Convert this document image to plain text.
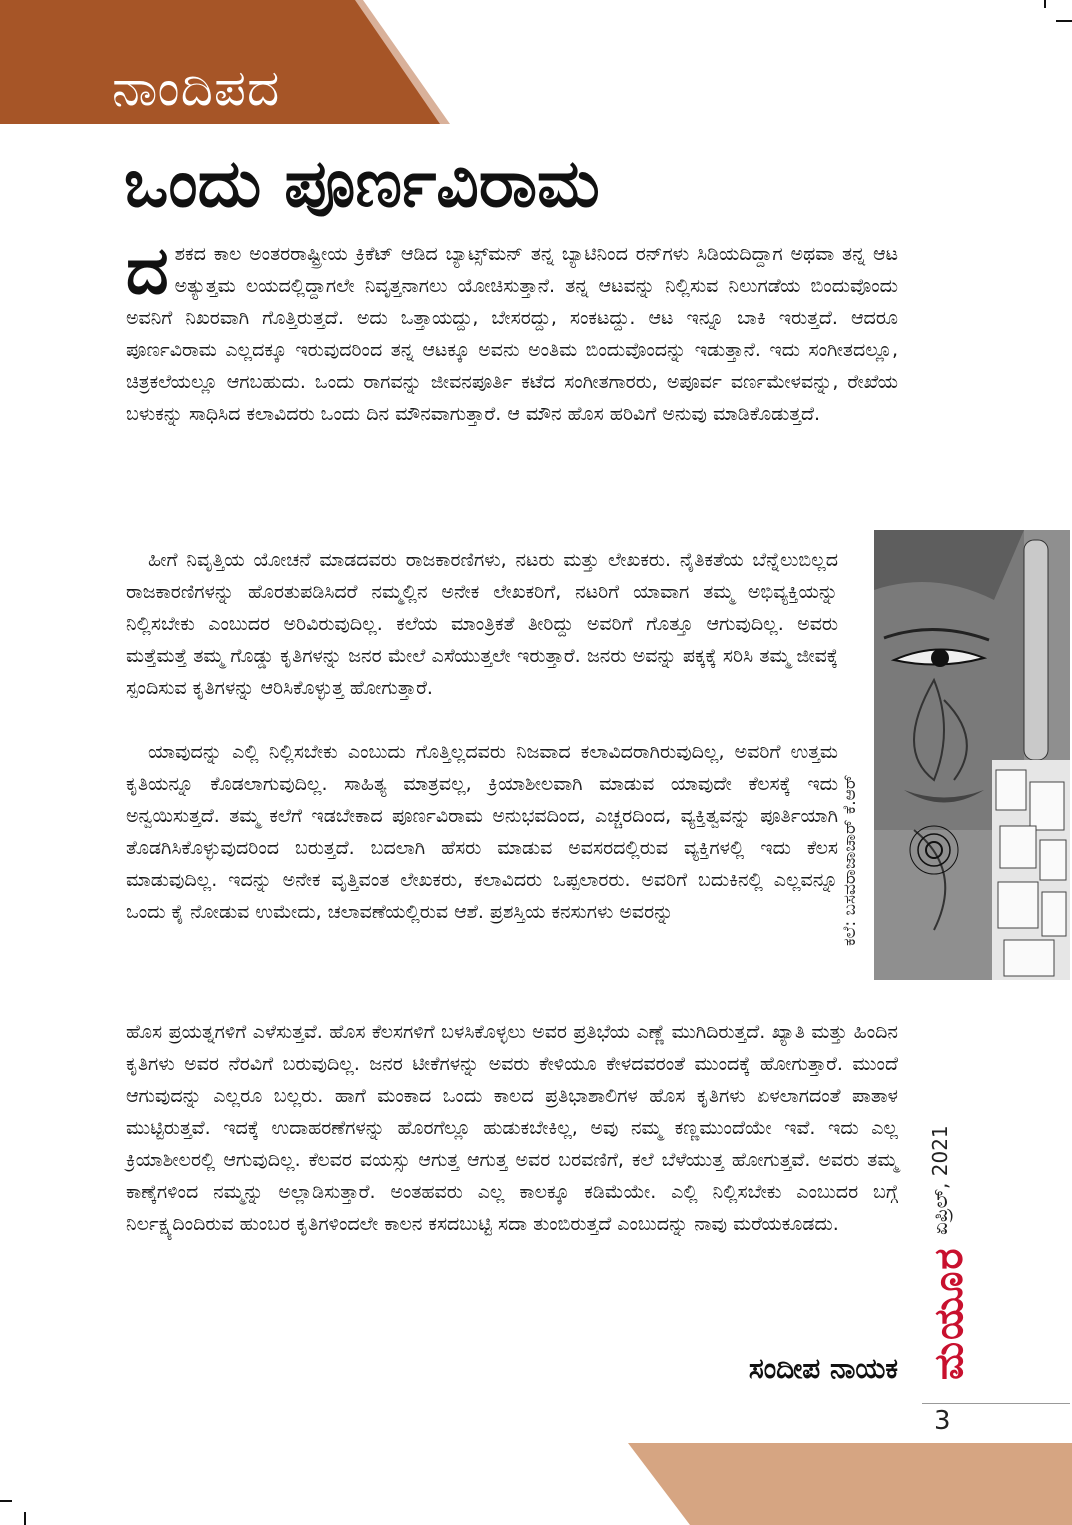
ನಾಂದಿಪದ
ಒಂದು ಪೂರ್ಣವಿರಾಮ

ದಶಕದ ಕಾಲ ಅಂತರರಾಷ್ಟ್ರೀಯ ಕ್ರಿಕೆಟ್ ಆಡಿದ ಬ್ಯಾಟ್ಸ್‌ಮನ್ ತನ್ನ ಬ್ಯಾಟಿನಿಂದ ರನ್‌ಗಳು ಸಿಡಿಯದಿದ್ದಾಗ ಅಥವಾ ತನ್ನ ಆಟ ಅತ್ಯುತ್ತಮ ಲಯದಲ್ಲಿದ್ದಾಗಲೇ ನಿವೃತ್ತನಾಗಲು ಯೋಚಿಸುತ್ತಾನೆ. ತನ್ನ ಆಟವನ್ನು ನಿಲ್ಲಿಸುವ ನಿಲುಗಡೆಯ ಬಿಂದುವೊಂದು ಅವನಿಗೆ ನಿಖರವಾಗಿ ಗೊತ್ತಿರುತ್ತದೆ. ಅದು ಒತ್ತಾಯದ್ದು, ಬೇಸರದ್ದು, ಸಂಕಟದ್ದು. ಆಟ ಇನ್ನೂ ಬಾಕಿ ಇರುತ್ತದೆ. ಆದರೂ ಪೂರ್ಣವಿರಾಮ ಎಲ್ಲದಕ್ಕೂ ಇರುವುದರಿಂದ ತನ್ನ ಆಟಕ್ಕೂ ಅವನು ಅಂತಿಮ ಬಿಂದುವೊಂದನ್ನು ಇಡುತ್ತಾನೆ. ಇದು ಸಂಗೀತದಲ್ಲೂ, ಚಿತ್ರಕಲೆಯಲ್ಲೂ ಆಗಬಹುದು. ಒಂದು ರಾಗವನ್ನು ಜೀವನಪೂರ್ತಿ ಕಟೆದ ಸಂಗೀತಗಾರರು, ಅಪೂರ್ವ ವರ್ಣಮೇಳವನ್ನು, ರೇಖೆಯ ಬಳುಕನ್ನು ಸಾಧಿಸಿದ ಕಲಾವಿದರು ಒಂದು ದಿನ ಮೌನವಾಗುತ್ತಾರೆ. ಆ ಮೌನ ಹೊಸ ಹರಿವಿಗೆ ಅನುವು ಮಾಡಿಕೊಡುತ್ತದೆ.

ಹೀಗೆ ನಿವೃತ್ತಿಯ ಯೋಚನೆ ಮಾಡದವರು ರಾಜಕಾರಣಿಗಳು, ನಟರು ಮತ್ತು ಲೇಖಕರು. ನೈತಿಕತೆಯ ಬೆನ್ನೆಲುಬಿಲ್ಲದ ರಾಜಕಾರಣಿಗಳನ್ನು ಹೊರತುಪಡಿಸಿದರೆ ನಮ್ಮಲ್ಲಿನ ಅನೇಕ ಲೇಖಕರಿಗೆ, ನಟರಿಗೆ ಯಾವಾಗ ತಮ್ಮ ಅಭಿವ್ಯಕ್ತಿಯನ್ನು ನಿಲ್ಲಿಸಬೇಕು ಎಂಬುದರ ಅರಿವಿರುವುದಿಲ್ಲ. ಕಲೆಯ ಮಾಂತ್ರಿಕತೆ ತೀರಿದ್ದು ಅವರಿಗೆ ಗೊತ್ತೂ ಆಗುವುದಿಲ್ಲ. ಅವರು ಮತ್ತೆಮತ್ತೆ ತಮ್ಮ ಗೊಡ್ಡು ಕೃತಿಗಳನ್ನು ಜನರ ಮೇಲೆ ಎಸೆಯುತ್ತಲೇ ಇರುತ್ತಾರೆ. ಜನರು ಅವನ್ನು ಪಕ್ಕಕ್ಕೆ ಸರಿಸಿ ತಮ್ಮ ಜೀವಕ್ಕೆ ಸ್ಪಂದಿಸುವ ಕೃತಿಗಳನ್ನು ಆರಿಸಿಕೊಳ್ಳುತ್ತ ಹೋಗುತ್ತಾರೆ.

ಯಾವುದನ್ನು ಎಲ್ಲಿ ನಿಲ್ಲಿಸಬೇಕು ಎಂಬುದು ಗೊತ್ತಿಲ್ಲದವರು ನಿಜವಾದ ಕಲಾವಿದರಾಗಿರುವುದಿಲ್ಲ, ಅವರಿಗೆ ಉತ್ತಮ ಕೃತಿಯನ್ನೂ ಕೊಡಲಾಗುವುದಿಲ್ಲ. ಸಾಹಿತ್ಯ ಮಾತ್ರವಲ್ಲ, ಕ್ರಿಯಾಶೀಲವಾಗಿ ಮಾಡುವ ಯಾವುದೇ ಕೆಲಸಕ್ಕೆ ಇದು ಅನ್ವಯಿಸುತ್ತದೆ. ತಮ್ಮ ಕಲೆಗೆ ಇಡಬೇಕಾದ ಪೂರ್ಣವಿರಾಮ ಅನುಭವದಿಂದ, ಎಚ್ಚರದಿಂದ, ವ್ಯಕ್ತಿತ್ವವನ್ನು ಪೂರ್ತಿಯಾಗಿ ತೊಡಗಿಸಿಕೊಳ್ಳುವುದರಿಂದ ಬರುತ್ತದೆ. ಬದಲಾಗಿ ಹೆಸರು ಮಾಡುವ ಅವಸರದಲ್ಲಿರುವ ವ್ಯಕ್ತಿಗಳಲ್ಲಿ ಇದು ಕೆಲಸ ಮಾಡುವುದಿಲ್ಲ. ಇದನ್ನು ಅನೇಕ ವೃತ್ತಿವಂತ ಲೇಖಕರು, ಕಲಾವಿದರು ಒಪ್ಪಲಾರರು. ಅವರಿಗೆ ಬದುಕಿನಲ್ಲಿ ಎಲ್ಲವನ್ನೂ ಒಂದು ಕೈ ನೋಡುವ ಉಮೇದು, ಚಲಾವಣೆಯಲ್ಲಿರುವ ಆಶೆ. ಪ್ರಶಸ್ತಿಯ ಕನಸುಗಳು ಅವರನ್ನು

ಹೊಸ ಪ್ರಯತ್ನಗಳಿಗೆ ಎಳೆಸುತ್ತವೆ. ಹೊಸ ಕೆಲಸಗಳಿಗೆ ಬಳಸಿಕೊಳ್ಳಲು ಅವರ ಪ್ರತಿಭೆಯ ಎಣ್ಣೆ ಮುಗಿದಿರುತ್ತದೆ. ಖ್ಯಾತಿ ಮತ್ತು ಹಿಂದಿನ ಕೃತಿಗಳು ಅವರ ನೆರವಿಗೆ ಬರುವುದಿಲ್ಲ. ಜನರ ಟೀಕೆಗಳನ್ನು ಅವರು ಕೇಳಿಯೂ ಕೇಳದವರಂತೆ ಮುಂದಕ್ಕೆ ಹೋಗುತ್ತಾರೆ. ಮುಂದೆ ಆಗುವುದನ್ನು ಎಲ್ಲರೂ ಬಲ್ಲರು. ಹಾಗೆ ಮಂಕಾದ ಒಂದು ಕಾಲದ ಪ್ರತಿಭಾಶಾಲಿಗಳ ಹೊಸ ಕೃತಿಗಳು ಏಳಲಾಗದಂತೆ ಪಾತಾಳ ಮುಟ್ಟಿರುತ್ತವೆ. ಇದಕ್ಕೆ ಉದಾಹರಣೆಗಳನ್ನು ಹೊರಗೆಲ್ಲೂ ಹುಡುಕಬೇಕಿಲ್ಲ, ಅವು ನಮ್ಮ ಕಣ್ಣಮುಂದೆಯೇ ಇವೆ. ಇದು ಎಲ್ಲ ಕ್ರಿಯಾಶೀಲರಲ್ಲಿ ಆಗುವುದಿಲ್ಲ. ಕೆಲವರ ವಯಸ್ಸು ಆಗುತ್ತ ಆಗುತ್ತ ಅವರ ಬರವಣಿಗೆ, ಕಲೆ ಬೆಳೆಯುತ್ತ ಹೋಗುತ್ತವೆ. ಅವರು ತಮ್ಮ ಕಾಣ್ಕೆಗಳಿಂದ ನಮ್ಮನ್ನು ಅಲ್ಲಾಡಿಸುತ್ತಾರೆ. ಅಂತಹವರು ಎಲ್ಲ ಕಾಲಕ್ಕೂ ಕಡಿಮೆಯೇ. ಎಲ್ಲಿ ನಿಲ್ಲಿಸಬೇಕು ಎಂಬುದರ ಬಗ್ಗೆ ನಿರ್ಲಕ್ಷ್ಯದಿಂದಿರುವ ಹುಂಬರ ಕೃತಿಗಳಿಂದಲೇ ಕಾಲನ ಕಸದಬುಟ್ಟಿ ಸದಾ ತುಂಬಿರುತ್ತದೆ ಎಂಬುದನ್ನು ನಾವು ಮರೆಯಕೂಡದು.

ಕಲೆ: ಬಸವರಾಜಾಚಾರ್ ಕೆ.ಆರ್
ಸಂದೀಪ ನಾಯಕ
ಏಪ್ರಿಲ್, 2021
ಮಯೂರ
3
